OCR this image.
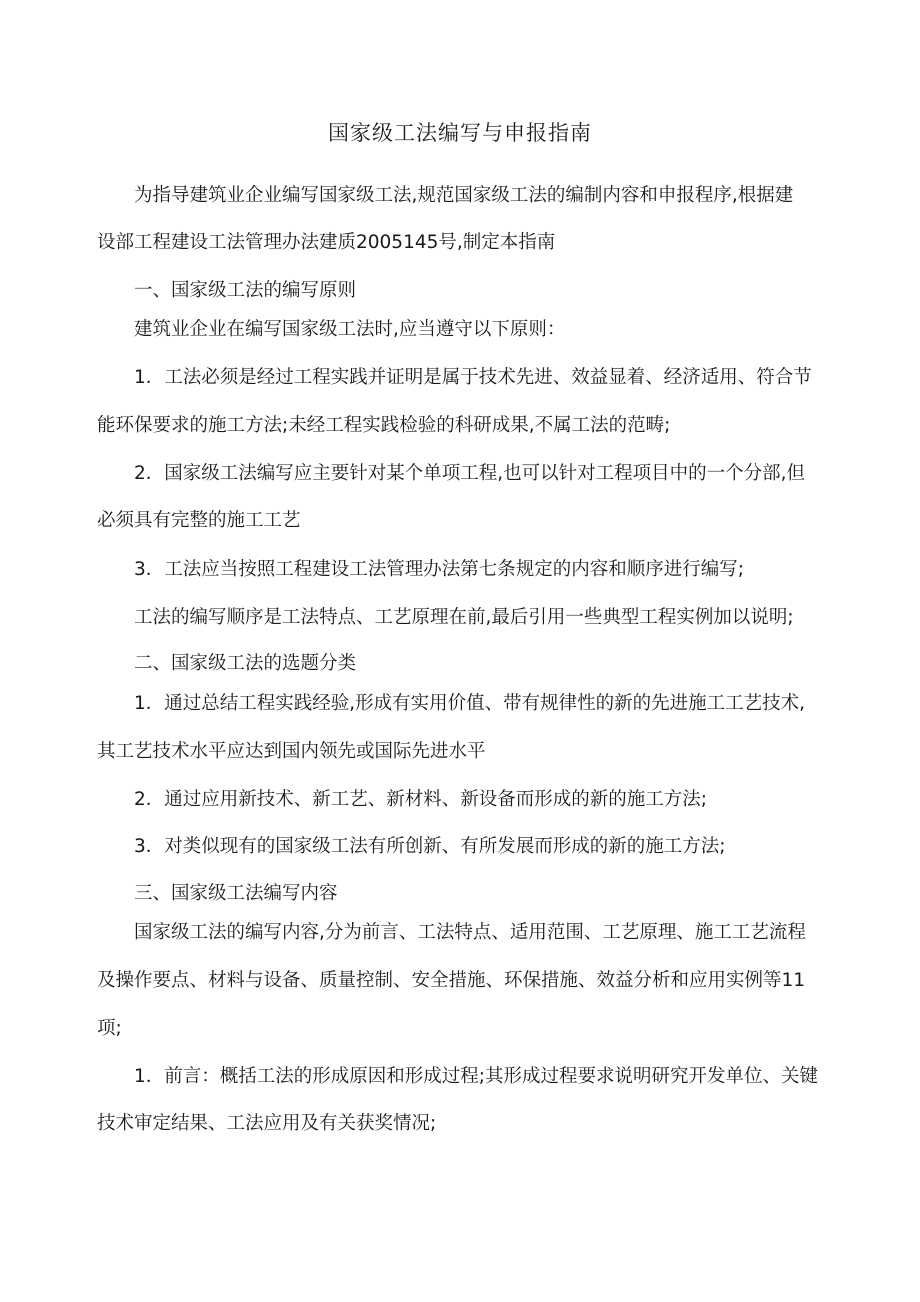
国家级工法编写与申报指南
为指导建筑业企业编写国家级工法,规范国家级工法的编制内容和申报程序,根据建
设部工程建设工法管理办法建质2005145号,制定本指南
一、国家级工法的编写原则
建筑业企业在编写国家级工法时,应当遵守以下原则：
1．工法必须是经过工程实践并证明是属于技术先进、效益显着、经济适用、符合节
能环保要求的施工方法;未经工程实践检验的科研成果,不属工法的范畴;
2．国家级工法编写应主要针对某个单项工程,也可以针对工程项目中的一个分部,但
必须具有完整的施工工艺
3．工法应当按照工程建设工法管理办法第七条规定的内容和顺序进行编写;
工法的编写顺序是工法特点、工艺原理在前,最后引用一些典型工程实例加以说明;
二、国家级工法的选题分类
1．通过总结工程实践经验,形成有实用价值、带有规律性的新的先进施工工艺技术,
其工艺技术水平应达到国内领先或国际先进水平
2．通过应用新技术、新工艺、新材料、新设备而形成的新的施工方法;
3．对类似现有的国家级工法有所创新、有所发展而形成的新的施工方法;
三、国家级工法编写内容
国家级工法的编写内容,分为前言、工法特点、适用范围、工艺原理、施工工艺流程
及操作要点、材料与设备、质量控制、安全措施、环保措施、效益分析和应用实例等11
项;
1．前言：概括工法的形成原因和形成过程;其形成过程要求说明研究开发单位、关键
技术审定结果、工法应用及有关获奖情况;
